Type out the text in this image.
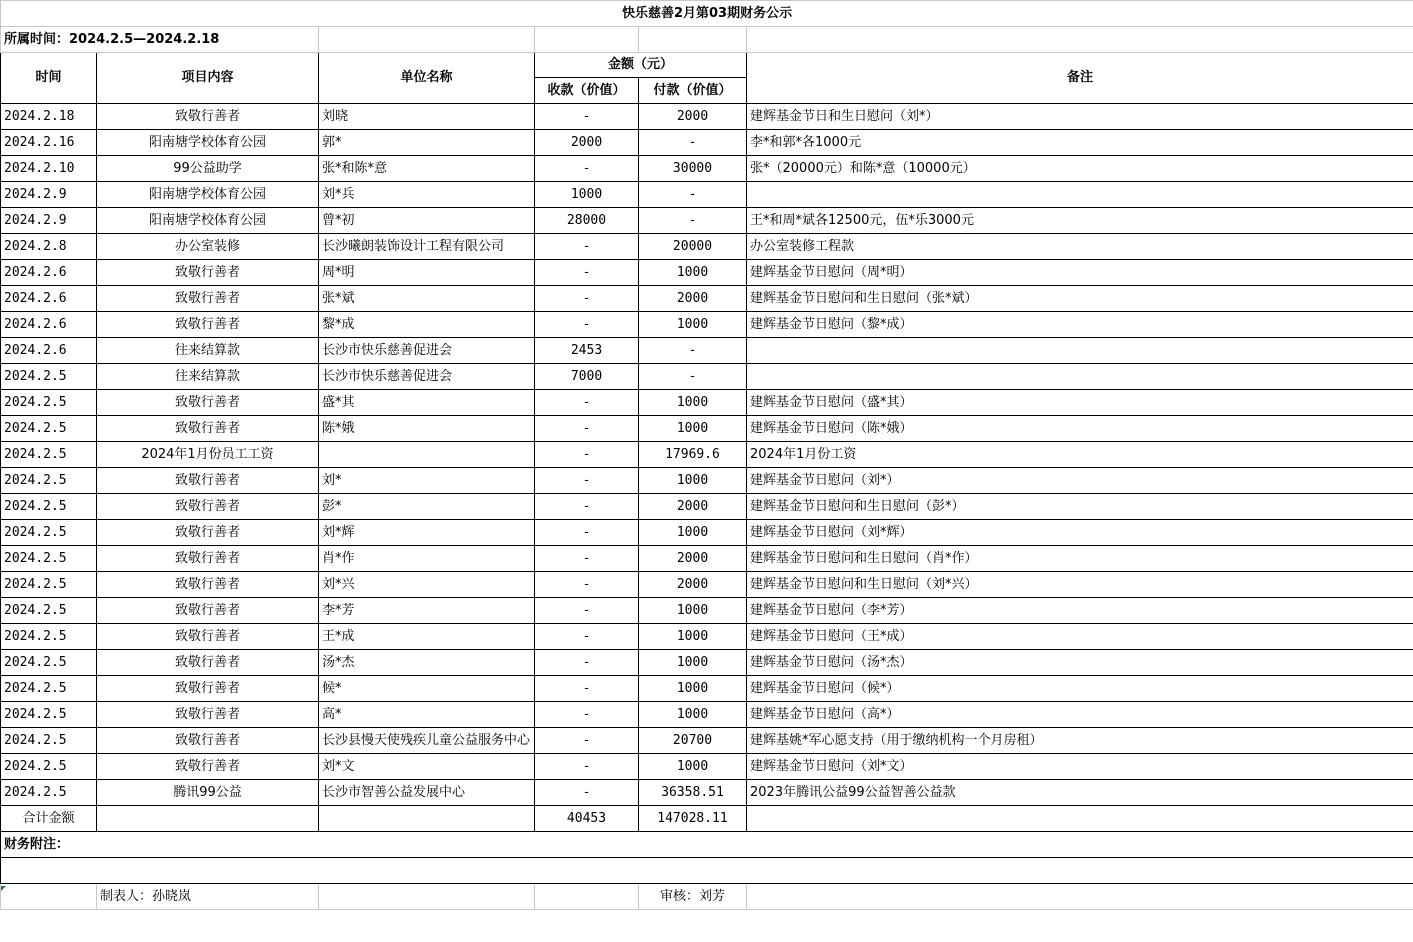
快乐慈善2月第03期财务公示					
所属时间：2024.2.5—2024.2.18					
时间	项目内容	单位名称	金额（元）		备注
			收款（价值）	付款（价值）	
2024.2.18	致敬行善者	刘晓	-	2000	建辉基金节日和生日慰问（刘*）
2024.2.16	阳南塘学校体育公园	郭*	2000	-	李*和郭*各1000元
2024.2.10	99公益助学	张*和陈*意	-	30000	张*（20000元）和陈*意（10000元）
2024.2.9	阳南塘学校体育公园	刘*兵	1000	-	
2024.2.9	阳南塘学校体育公园	曾*初	28000	-	王*和周*斌各12500元，伍*乐3000元
2024.2.8	办公室装修	长沙曦朗装饰设计工程有限公司	-	20000	办公室装修工程款
2024.2.6	致敬行善者	周*明	-	1000	建辉基金节日慰问（周*明）
2024.2.6	致敬行善者	张*斌	-	2000	建辉基金节日慰问和生日慰问（张*斌）
2024.2.6	致敬行善者	黎*成	-	1000	建辉基金节日慰问（黎*成）
2024.2.6	往来结算款	长沙市快乐慈善促进会	2453	-	
2024.2.5	往来结算款	长沙市快乐慈善促进会	7000	-	
2024.2.5	致敬行善者	盛*其	-	1000	建辉基金节日慰问（盛*其）
2024.2.5	致敬行善者	陈*娥	-	1000	建辉基金节日慰问（陈*娥）
2024.2.5	2024年1月份员工工资		-	17969.6	2024年1月份工资
2024.2.5	致敬行善者	刘*	-	1000	建辉基金节日慰问（刘*）
2024.2.5	致敬行善者	彭*	-	2000	建辉基金节日慰问和生日慰问（彭*）
2024.2.5	致敬行善者	刘*辉	-	1000	建辉基金节日慰问（刘*辉）
2024.2.5	致敬行善者	肖*作	-	2000	建辉基金节日慰问和生日慰问（肖*作）
2024.2.5	致敬行善者	刘*兴	-	2000	建辉基金节日慰问和生日慰问（刘*兴）
2024.2.5	致敬行善者	李*芳	-	1000	建辉基金节日慰问（李*芳）
2024.2.5	致敬行善者	王*成	-	1000	建辉基金节日慰问（王*成）
2024.2.5	致敬行善者	汤*杰	-	1000	建辉基金节日慰问（汤*杰）
2024.2.5	致敬行善者	候*	-	1000	建辉基金节日慰问（候*）
2024.2.5	致敬行善者	高*	-	1000	建辉基金节日慰问（高*）
2024.2.5	致敬行善者	长沙县慢天使残疾儿童公益服务中心	-	20700	建辉基姚*军心愿支持（用于缴纳机构一个月房租）
2024.2.5	致敬行善者	刘*文	-	1000	建辉基金节日慰问（刘*文）
2024.2.5	腾讯99公益	长沙市智善公益发展中心	-	36358.51	2023年腾讯公益99公益智善公益款
合计金额			40453	147028.11	
财务附注：					

	制表人：孙晓岚			审核：刘芳	
